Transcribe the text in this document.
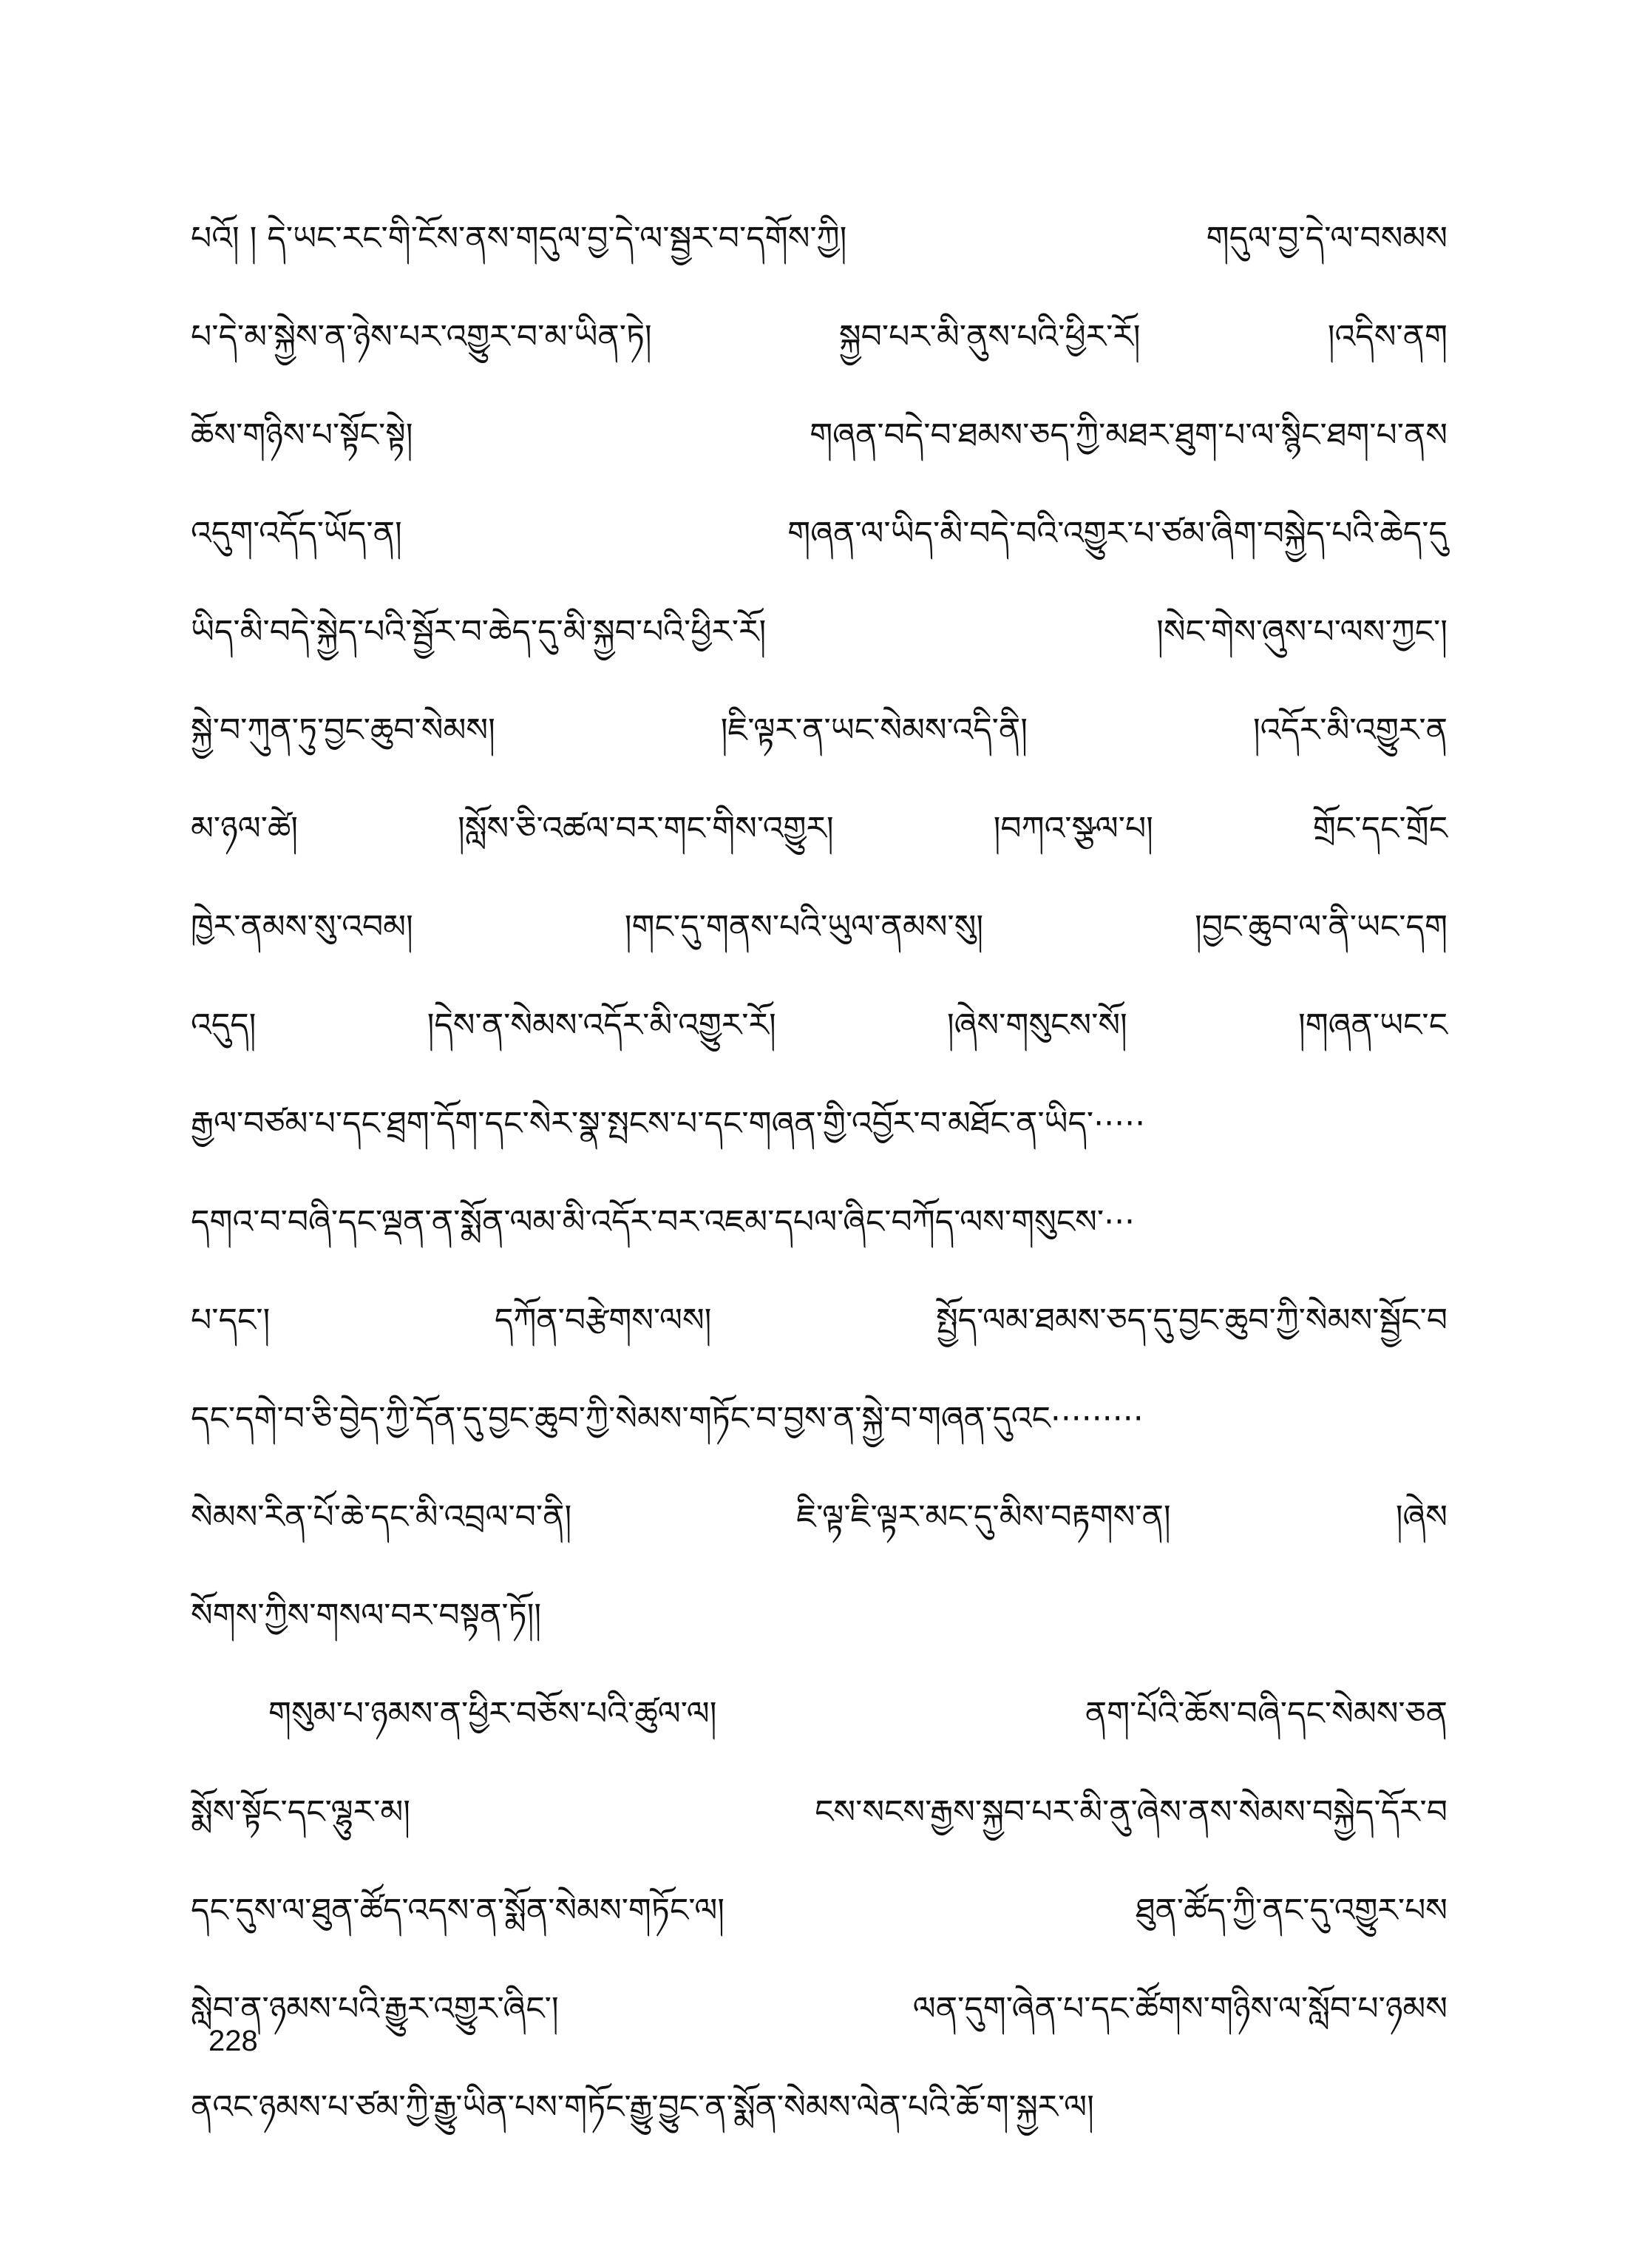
པའོ། ། དེ་ཡང་རང་གི་ངོས་ནས་གདུལ་བྱ་དེ་ལ་སྦྱར་བ་དགོས་ཀྱི།	གདུལ་བྱ་དེ་ལ་བསམས
པ་དེ་མ་སྐྱེས་ན་ཉེས་པར་འགྱུར་བ་མ་ཡིན་ཏེ།	སྐྱབ་པར་མི་ནུས་པའི་ཕྱིར་རོ།	།འདིས་ནག
ཆོས་གཉིས་པ་སྟོང་སྟེ།	གཞན་བདེ་བ་ཐམས་ཅད་ཀྱི་མཐར་ཐུག་པ་ལ་སྙིང་ཐག་པ་ནས
འདུག་འདོད་ཡོད་ན།	གཞན་ལ་ཡིད་མི་བདེ་བའི་འགྱུར་པ་ཙམ་ཞིག་བསྐྱེད་པའི་ཆེད་དུ
ཡིད་མི་བདེ་སྐྱེད་པའི་སྦྱོར་བ་ཆེད་དུ་མི་སྐྱབ་པའི་ཕྱིར་རོ།	།སེང་གེས་ཞུས་པ་ལས་ཀྱང་།
སྐྱེ་བ་ཀུན་ཏུ་བྱང་ཆུབ་སེམས།	།ཇི་ལྟར་ན་ཡང་སེམས་འདི་ནི།	།འདོར་མི་འགྱུར་ན
མ་ཉལ་ཚེ།	།སློས་ཅི་འཚལ་བར་གང་གིས་འགྱུར།	།བཀའ་སྩལ་པ།	གྲོང་དང་གྲོང
ཁྱེར་ནམས་སུ་འབམ།	།གང་དུ་གནས་པའི་ཡུལ་ནམས་སུ།	།བྱང་ཆུབ་ལ་ནི་ཡང་དག
འདུད།	།དེས་ན་སེམས་འདོར་མི་འགྱུར་རོ།	།ཞེས་གསུངས་སོ།	།གཞན་ཡང་ང
རྒྱལ་བཙམ་པ་དང་ཐྲག་དོག་དང་སེར་སྣ་སྤངས་པ་དང་གཞན་གྱི་འབྱོར་བ་མཐོང་ན་ཡིད་·····
དགའ་བ་བཞི་དང་ལྡན་ན་སྨོན་ལམ་མི་འདོར་བར་འཇམ་དཔལ་ཞིང་བཀོད་ལས་གསུངས་···
པ་དང་།	དཀོན་བརྩེགས་ལས།	སྤྱོད་ལམ་ཐམས་ཅད་དུ་བྱང་ཆུབ་ཀྱི་སེམས་སྦྱོང་བ
དང་དགེ་བ་ཅི་བྱེད་ཀྱི་དོན་དུ་བྱང་ཆུབ་ཀྱི་སེམས་གཏོང་བ་བྱས་ན་སྐྱེ་བ་གཞན་དུའང·········
སེམས་རིན་པོ་ཆེ་དང་མི་འབྲལ་བ་ནི།	ཇི་ལྟ་ཇི་ལྟར་མང་དུ་མིས་བརྟགས་ན།	།ཞེས
སོགས་ཀྱིས་གསལ་བར་བསྟན་ཏོ།།
གསུམ་པ་ཉམས་ན་ཕྱིར་བཅོས་པའི་ཚུལ་ལ།	ནག་པོའི་ཆོས་བཞི་དང་སེམས་ཅན
སྨོས་སྟོང་དང་ལྷུར་མ།	ངས་སངས་རྒྱས་སྐྱབ་པར་མི་ནུ་ཞེས་ནས་སེམས་བསྐྱེད་དོར་བ
དང་དུས་ལ་ཐུན་ཚོད་འདས་ན་སྨོན་སེམས་གཏོང་ལ།	ཐུན་ཚོད་ཀྱི་ནང་དུ་འགྱུར་པས
སླེབ་ན་ཉམས་པའི་རྒྱུར་འགྱུར་ཞིང་།	ལན་དུག་ཞེན་པ་དང་ཚོགས་གཉིས་ལ་སློབ་པ་ཉམས
ནའང་ཉམས་པ་ཙམ་ཀྱི་རྒྱུ་ཡིན་པས་གཏོང་རྒྱུ་བྱུང་ན་སྨོན་སེམས་ལེན་པའི་ཆོ་ག་སྐྱར་ལ།
228
